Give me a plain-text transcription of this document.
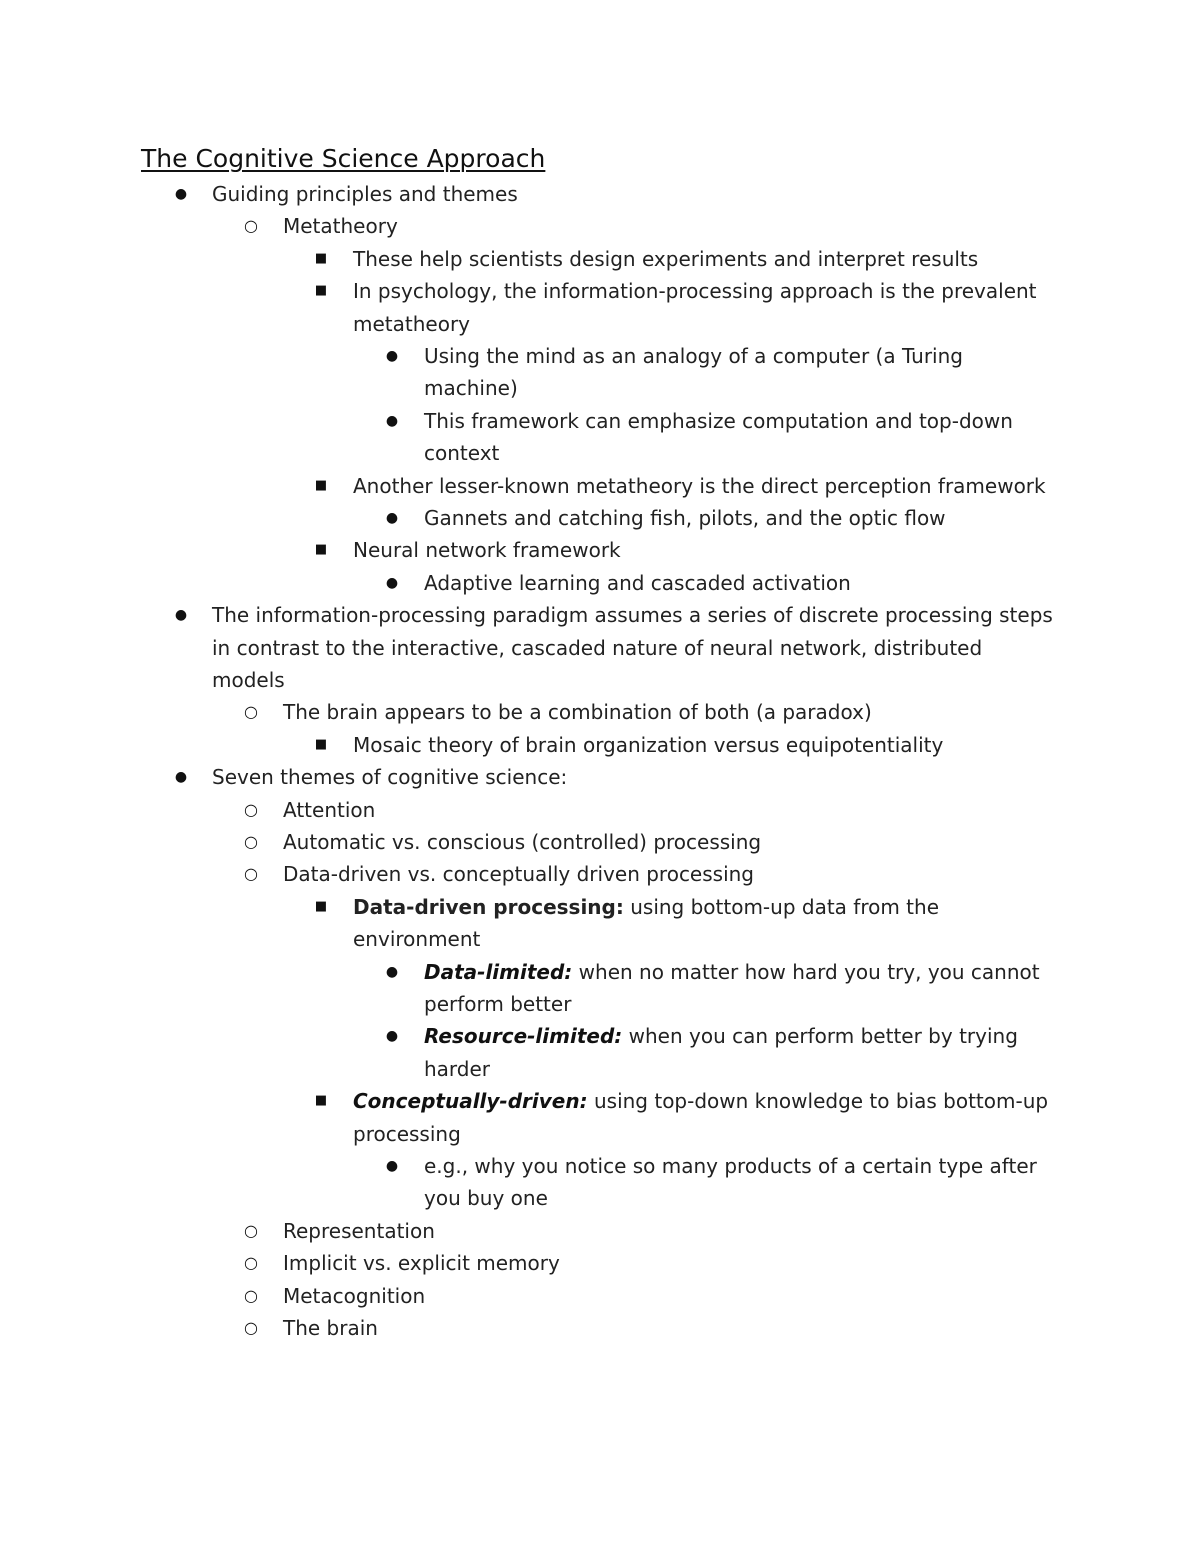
The Cognitive Science Approach
● Guiding principles and themes
○ Metatheory
■ These help scientists design experiments and interpret results
■ In psychology, the information-processing approach is the prevalent metatheory
● Using the mind as an analogy of a computer (a Turing machine)
● This framework can emphasize computation and top-down context
■ Another lesser-known metatheory is the direct perception framework
● Gannets and catching fish, pilots, and the optic flow
■ Neural network framework
● Adaptive learning and cascaded activation
● The information-processing paradigm assumes a series of discrete processing steps in contrast to the interactive, cascaded nature of neural network, distributed models
○ The brain appears to be a combination of both (a paradox)
■ Mosaic theory of brain organization versus equipotentiality
● Seven themes of cognitive science:
○ Attention
○ Automatic vs. conscious (controlled) processing
○ Data-driven vs. conceptually driven processing
■ Data-driven processing: using bottom-up data from the environment
● Data-limited: when no matter how hard you try, you cannot perform better
● Resource-limited: when you can perform better by trying harder
■ Conceptually-driven: using top-down knowledge to bias bottom-up processing
● e.g., why you notice so many products of a certain type after you buy one
○ Representation
○ Implicit vs. explicit memory
○ Metacognition
○ The brain
